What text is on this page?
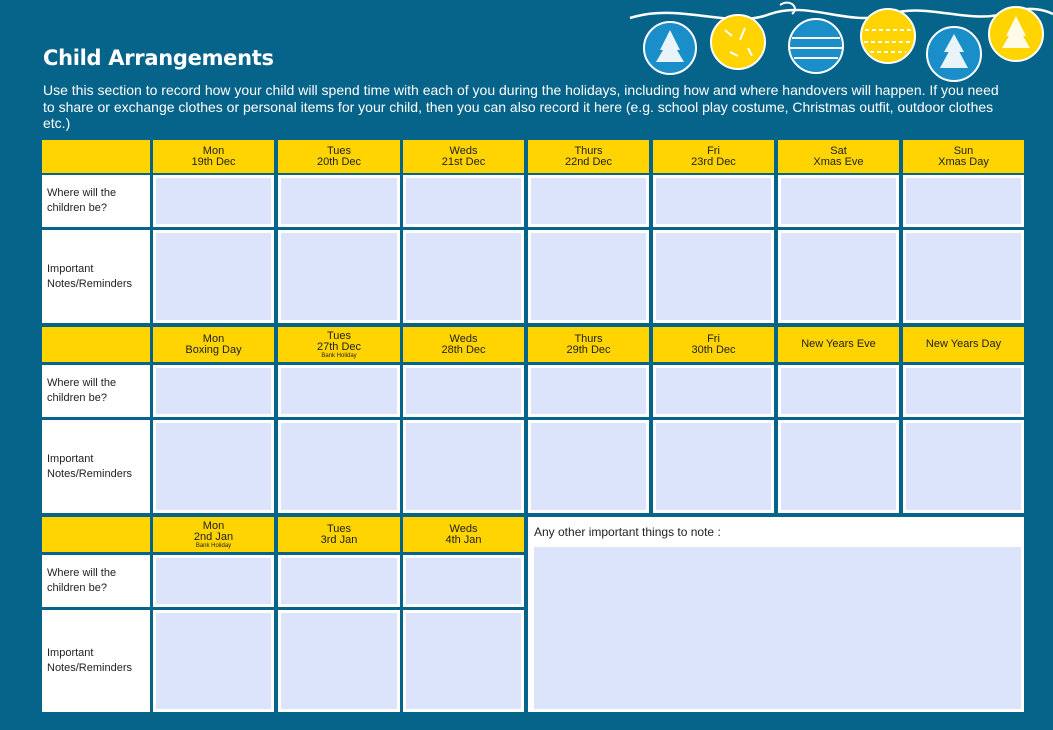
Child Arrangements
Use this section to record how your child will spend time with each of you during the holidays, including how and where handovers will happen. If you need to share or exchange clothes or personal items for your child, then you can also record it here (e.g. school play costume, Christmas outfit, outdoor clothes etc.)
Where will the
children be?
Important
Notes/Reminders
Mon
19th Dec
Tues
20th Dec
Weds
21st Dec
Thurs
22nd Dec
Fri
23rd Dec
Sat
Xmas Eve
Sun
Xmas Day
Where will the
children be?
Important
Notes/Reminders
Mon
Boxing Day
Tues
27th Dec
Bank Holiday
Weds
28th Dec
Thurs
29th Dec
Fri
30th Dec	New Years Eve	New Years Day
Where will the
children be?
Important
Notes/Reminders
Mon
2nd Jan
Bank Holiday
Tues
3rd Jan
Weds
4th Jan
Any other important things to note :
